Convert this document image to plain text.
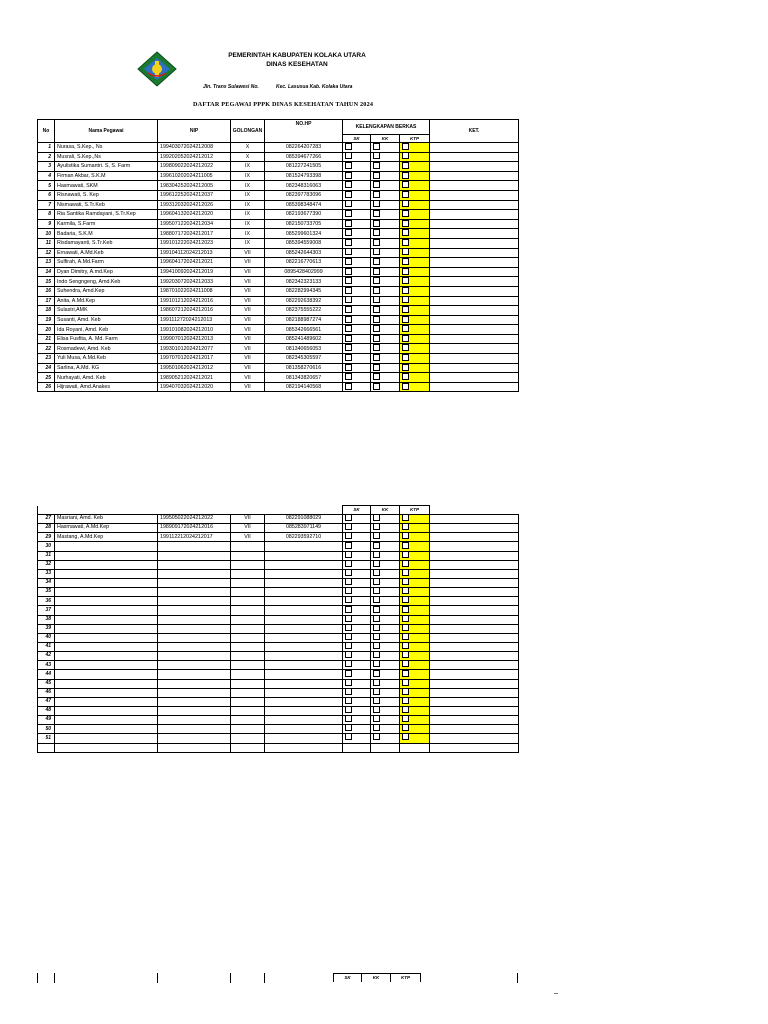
PEMERINTAH KABUPATEN KOLAKA UTARA
DINAS KESEHATAN
Jln. Trans Sulawesi No.	Kec. Lasusua Kab. Kolaka Utara
DAFTAR PEGAWAI PPPK DINAS KESEHATAN TAHUN 2024
No	Nama Pegawai	NIP	GOLONGAN	NO.HP	KELENGKAPAN BERKAS			KET.
					SK	KK	KTP	
1	Nurasa, S.Kep., Ns	199403072024212008	X	082264207283				
2	Musrali, S.Kep.,Ns	199202052024212012	X	085394677266				
3	Ayulistika Sumantri. S, S. Farm	199809022024212022	IX	081227241505				
4	Firman Akbar, S.K.M	199610202024211005	IX	081524793398				
5	Hasmawati, SKM	198304252024212005	IX	082348316063				
6	Risnawati, S. Kep	199612252024212037	IX	082397783096				
7	Nismawati, S.Tr.Keb	199312032024212026	IX	085398348474				
8	Ria Santika Ramdayani, S.Tr.Kep	199604132024212020	IX	082193677390				
9	Karmila, S.Farm	199507122024212034	IX	082150733705				
10	Badaria, S.K.M	198807172024212017	IX	085299601324				
11	Risdamayanti, S.Tr.Keb	199101222024212023	IX	085394559008				
12	Ernawati, A.Md.Keb	199104112024212013	VII	085242644303				
13	Sulfirah, A.Md.Farm	199604172024212021	VII	082216770613				
14	Dyan Dimitry, A.md.Kep	199410092024212019	VII	0895428402999				
15	Indo Sengngeng, Amd.Keb	199203072024212033	VII	082342323133				
16	Suhendra, Amd.Kep	198701022024211008	VII	082282994345				
17	Anita, A.Md.Kep	199101212024212016	VII	082292638392				
18	Sulastri,AMK	198607212024212016	VII	082375555222				
19	Susanti, Amd. Keb	199111272024212013	VII	082188987274				
20	Ida Royani, Amd. Keb	199101082024212010	VII	085342666561				
21	Elisa Fusfita, A. Md. Farm	199907012024212013	VII	085241489602				
22	Rosmadewi, Amd. Keb	199301012024212077	VII	081340656053				
23	Yuli Musa, A.Md.Keb	199707012024212017	VII	082345305597				
24	Sarlina, A.Md. KG	199501062024212012	VII	081358270616				
25	Nurhayati, Amd. Keb	198905212024212021	VII	081343820657				
26	Hijrawati, Amd.Anakes	199407032024212020	VII	082194140568				
					SK	KK	KTP	
27	Masriani, Amd. Keb	199505022024212022	VII	082291088029				
28	Hasmawati, A.Md.Kep	198909172024212016	VII	085283971149				
29	Mastang, A.Md.Kep	199112212024212017	VII	082293592710				
30								
31								
32								
33								
34								
35								
36								
37								
38								
39								
40								
41								
42								
43								
44								
45								
46								
47								
48								
49								
50								
51								

SK	KK	KTP
